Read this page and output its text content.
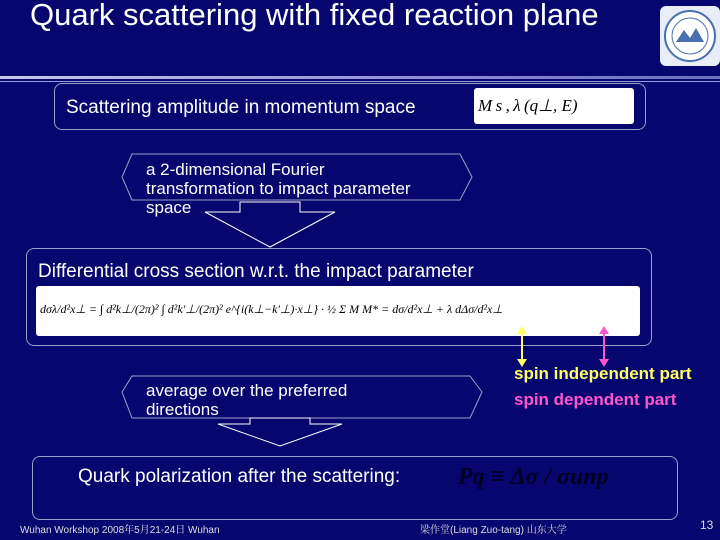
Quark scattering with fixed reaction plane
Scattering amplitude in momentum space	M s , λ (q⊥, E)
a 2-dimensional Fourier transformation to impact parameter space
Differential cross section w.r.t. the impact parameter
dσλ/d²x⊥ = ∫ d²k⊥/(2π)² ∫ d²k'⊥/(2π)² e^{i(k⊥−k'⊥)·x⊥} · ½ Σ M M* = dσ/d²x⊥ + λ dΔσ/d²x⊥
average over the preferred directions
spin independent part
spin dependent part
Quark polarization after the scattering:	Pq ≡ Δσ / σunp
Wuhan Workshop 2008年5月21-24日 Wuhan	梁作堂(Liang Zuo-tang) 山东大学	13
